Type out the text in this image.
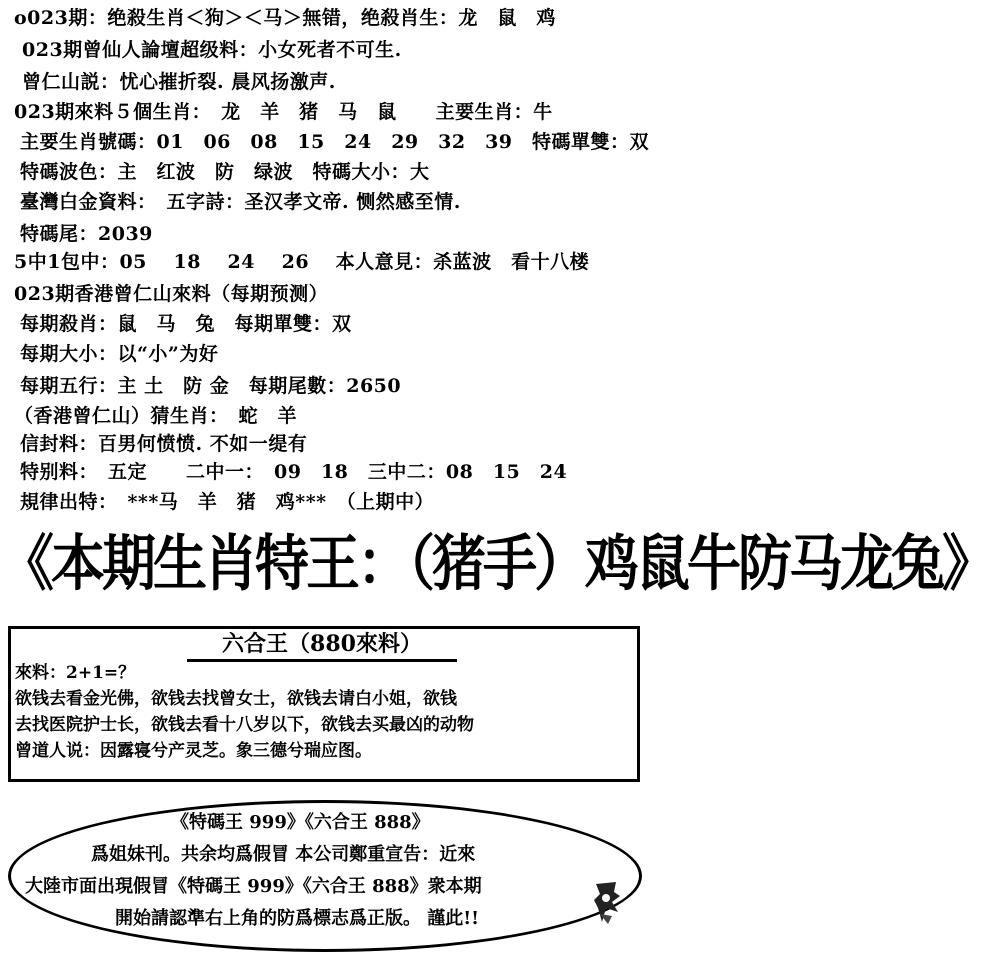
o023期：绝殺生肖＜狗＞＜马＞無错，绝殺肖生：龙　鼠　鸡
023期曾仙人論壇超级料：小女死者不可生.
曾仁山説：忧心摧折裂. 晨风扬激声.
023期來料５個生肖：　龙　羊　猪　马　鼠　　主要生肖：牛
主要生肖號碼：01　06　08　15　24　29　32　39　特碼單雙：双
特碼波色：主　红波　防　绿波　特碼大小：大
臺灣白金資料：　五字詩：圣汉孝文帝. 恻然感至情.
特碼尾：2039
5中1包中：05　 18　 24　 26　 本人意見：杀蓝波　看十八楼
023期香港曾仁山來料（每期预测）
每期殺肖：鼠　马　兔　每期單雙：双
每期大小：以“小”为好
每期五行：主 土　防 金　每期尾數：2650
（香港曾仁山）猜生肖：　蛇　羊
信封料：百男何愤愤. 不如一缇有
特别料：　五定　　二中一：　09　18　三中二：08　15　24
規律出特：　***马　羊　猪　鸡***　（上期中）
《本期生肖特王：（猪手）鸡鼠牛防马龙兔》
六合王（880來料）
來料：2+1=？
欲钱去看金光佛，欲钱去找曾女士，欲钱去请白小姐，欲钱
去找医院护士长，欲钱去看十八岁以下，欲钱去买最凶的动物
曾道人说：因露寝兮产灵芝。象三德兮瑞应图。
《特碼王 999》《六合王 888》
爲姐妹刊。共余均爲假冒 本公司鄭重宣告：近來
大陸市面出現假冒《特碼王 999》《六合王 888》衆本期
開始請認準右上角的防爲標志爲正版。 謹此!!
